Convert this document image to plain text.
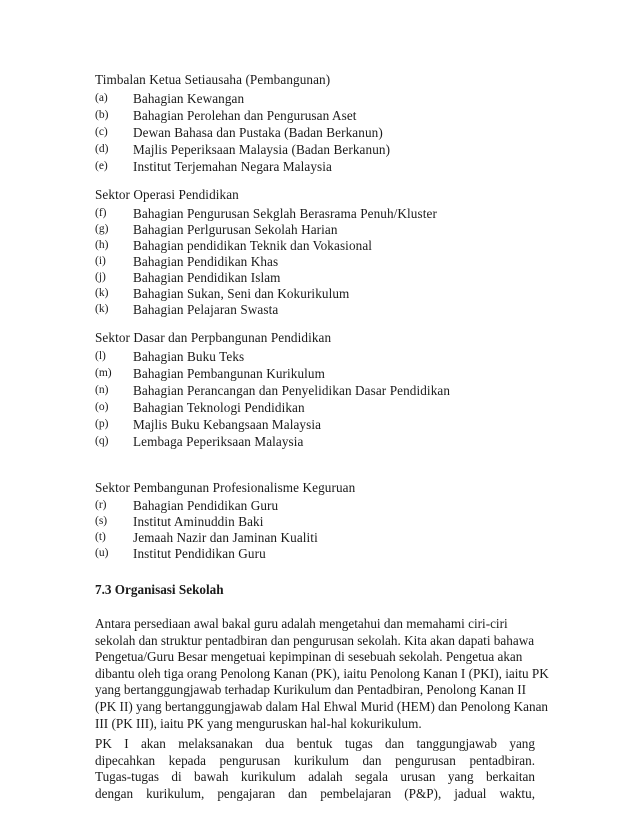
Timbalan Ketua Setiausaha (Pembangunan)
(a) Bahagian Kewangan
(b) Bahagian Perolehan dan Pengurusan Aset
(c) Dewan Bahasa dan Pustaka (Badan Berkanun)
(d) Majlis Peperiksaan Malaysia (Badan Berkanun)
(e) Institut Terjemahan Negara Malaysia
Sektor Operasi Pendidikan
(f) Bahagian Pengurusan Sekglah Berasrama Penuh/Kluster
(g) Bahagian Perlgurusan Sekolah Harian
(h) Bahagian pendidikan Teknik dan Vokasional
(i) Bahagian Pendidikan Khas
(j) Bahagian Pendidikan Islam
(k) Bahagian Sukan, Seni dan Kokurikulum
(k) Bahagian Pelajaran Swasta
Sektor Dasar dan Perpbangunan Pendidikan
(l) Bahagian Buku Teks
(m) Bahagian Pembangunan Kurikulum
(n) Bahagian Perancangan dan Penyelidikan Dasar Pendidikan
(o) Bahagian Teknologi Pendidikan
(p) Majlis Buku Kebangsaan Malaysia
(q) Lembaga Peperiksaan Malaysia
Sektor Pembangunan Profesionalisme Keguruan
(r) Bahagian Pendidikan Guru
(s) Institut Aminuddin Baki
(t) Jemaah Nazir dan Jaminan Kualiti
(u) Institut Pendidikan Guru
7.3 Organisasi Sekolah
Antara persediaan awal bakal guru adalah mengetahui dan memahami ciri-ciri
sekolah dan struktur pentadbiran dan pengurusan sekolah. Kita akan dapati bahawa
Pengetua/Guru Besar mengetuai kepimpinan di sesebuah sekolah. Pengetua akan
dibantu oleh tiga orang Penolong Kanan (PK), iaitu Penolong Kanan I (PKI), iaitu PK
yang bertanggungjawab terhadap Kurikulum dan Pentadbiran, Penolong Kanan II
(PK II) yang bertanggungjawab dalam Hal Ehwal Murid (HEM) dan Penolong Kanan
III (PK III), iaitu PK yang menguruskan hal-hal kokurikulum.
PK I akan melaksanakan dua bentuk tugas dan tanggungjawab yang
dipecahkan kepada pengurusan kurikulum dan pengurusan pentadbiran.
Tugas-tugas di bawah kurikulum adalah segala urusan yang berkaitan
dengan kurikulum, pengajaran dan pembelajaran (P&P), jadual waktu,
